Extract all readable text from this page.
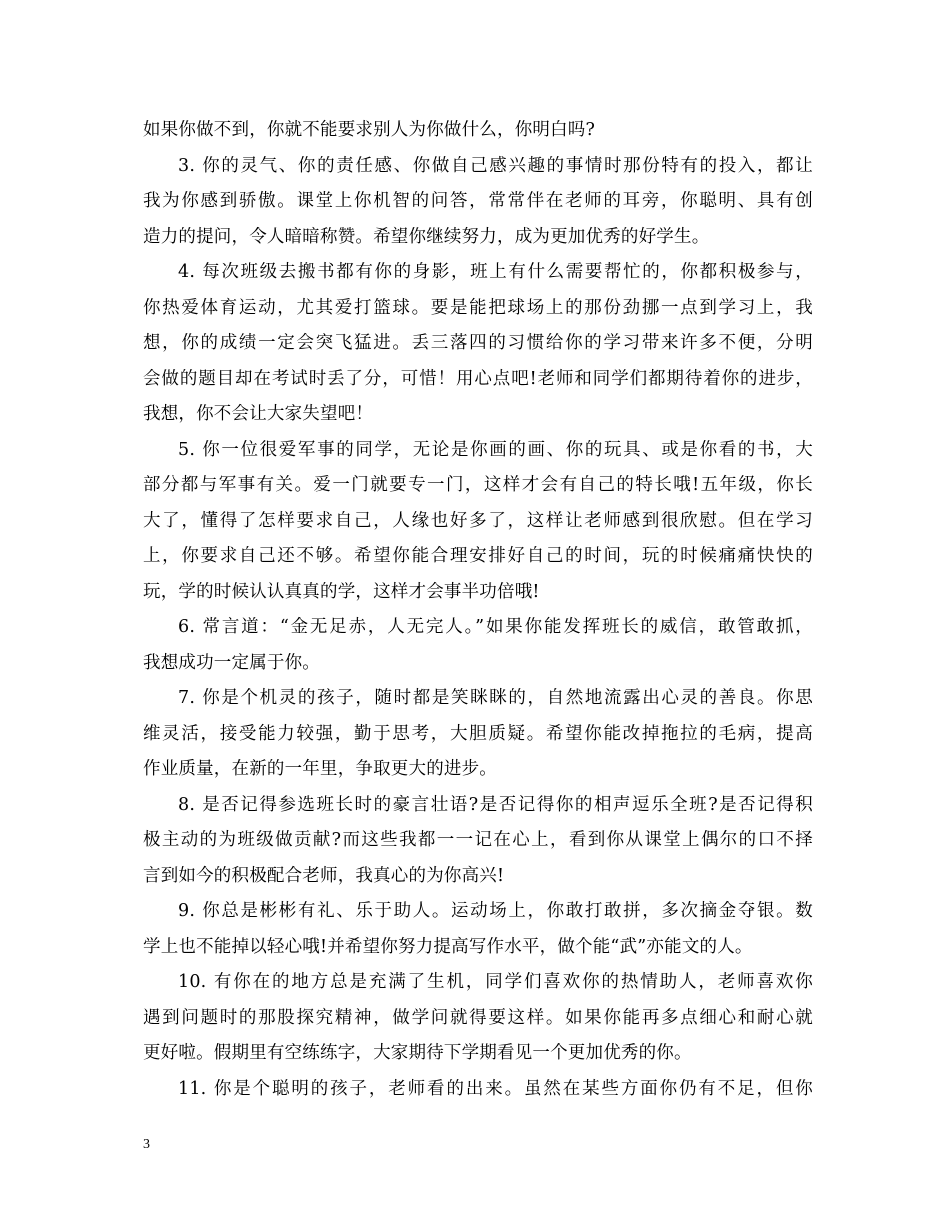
如果你做不到，你就不能要求别人为你做什么，你明白吗?
3. 你的灵气、你的责任感、你做自己感兴趣的事情时那份特有的投入，都让
我为你感到骄傲。课堂上你机智的问答，常常伴在老师的耳旁，你聪明、具有创
造力的提问，令人暗暗称赞。希望你继续努力，成为更加优秀的好学生。
4. 每次班级去搬书都有你的身影，班上有什么需要帮忙的，你都积极参与，
你热爱体育运动，尤其爱打篮球。要是能把球场上的那份劲挪一点到学习上，我
想，你的成绩一定会突飞猛进。丢三落四的习惯给你的学习带来许多不便，分明
会做的题目却在考试时丢了分，可惜！用心点吧!老师和同学们都期待着你的进步，
我想，你不会让大家失望吧！
5. 你一位很爱军事的同学，无论是你画的画、你的玩具、或是你看的书，大
部分都与军事有关。爱一门就要专一门，这样才会有自己的特长哦!五年级，你长
大了，懂得了怎样要求自己，人缘也好多了，这样让老师感到很欣慰。但在学习
上，你要求自己还不够。希望你能合理安排好自己的时间，玩的时候痛痛快快的
玩，学的时候认认真真的学，这样才会事半功倍哦!
6. 常言道：“金无足赤，人无完人。”如果你能发挥班长的威信，敢管敢抓，
我想成功一定属于你。
7. 你是个机灵的孩子，随时都是笑眯眯的，自然地流露出心灵的善良。你思
维灵活，接受能力较强，勤于思考，大胆质疑。希望你能改掉拖拉的毛病，提高
作业质量，在新的一年里，争取更大的进步。
8. 是否记得参选班长时的豪言壮语?是否记得你的相声逗乐全班?是否记得积
极主动的为班级做贡献?而这些我都一一记在心上，看到你从课堂上偶尔的口不择
言到如今的积极配合老师，我真心的为你高兴!
9. 你总是彬彬有礼、乐于助人。运动场上，你敢打敢拼，多次摘金夺银。数
学上也不能掉以轻心哦!并希望你努力提高写作水平，做个能“武”亦能文的人。
10. 有你在的地方总是充满了生机，同学们喜欢你的热情助人，老师喜欢你
遇到问题时的那股探究精神，做学问就得要这样。如果你能再多点细心和耐心就
更好啦。假期里有空练练字，大家期待下学期看见一个更加优秀的你。
11. 你是个聪明的孩子，老师看的出来。虽然在某些方面你仍有不足，但你
3
